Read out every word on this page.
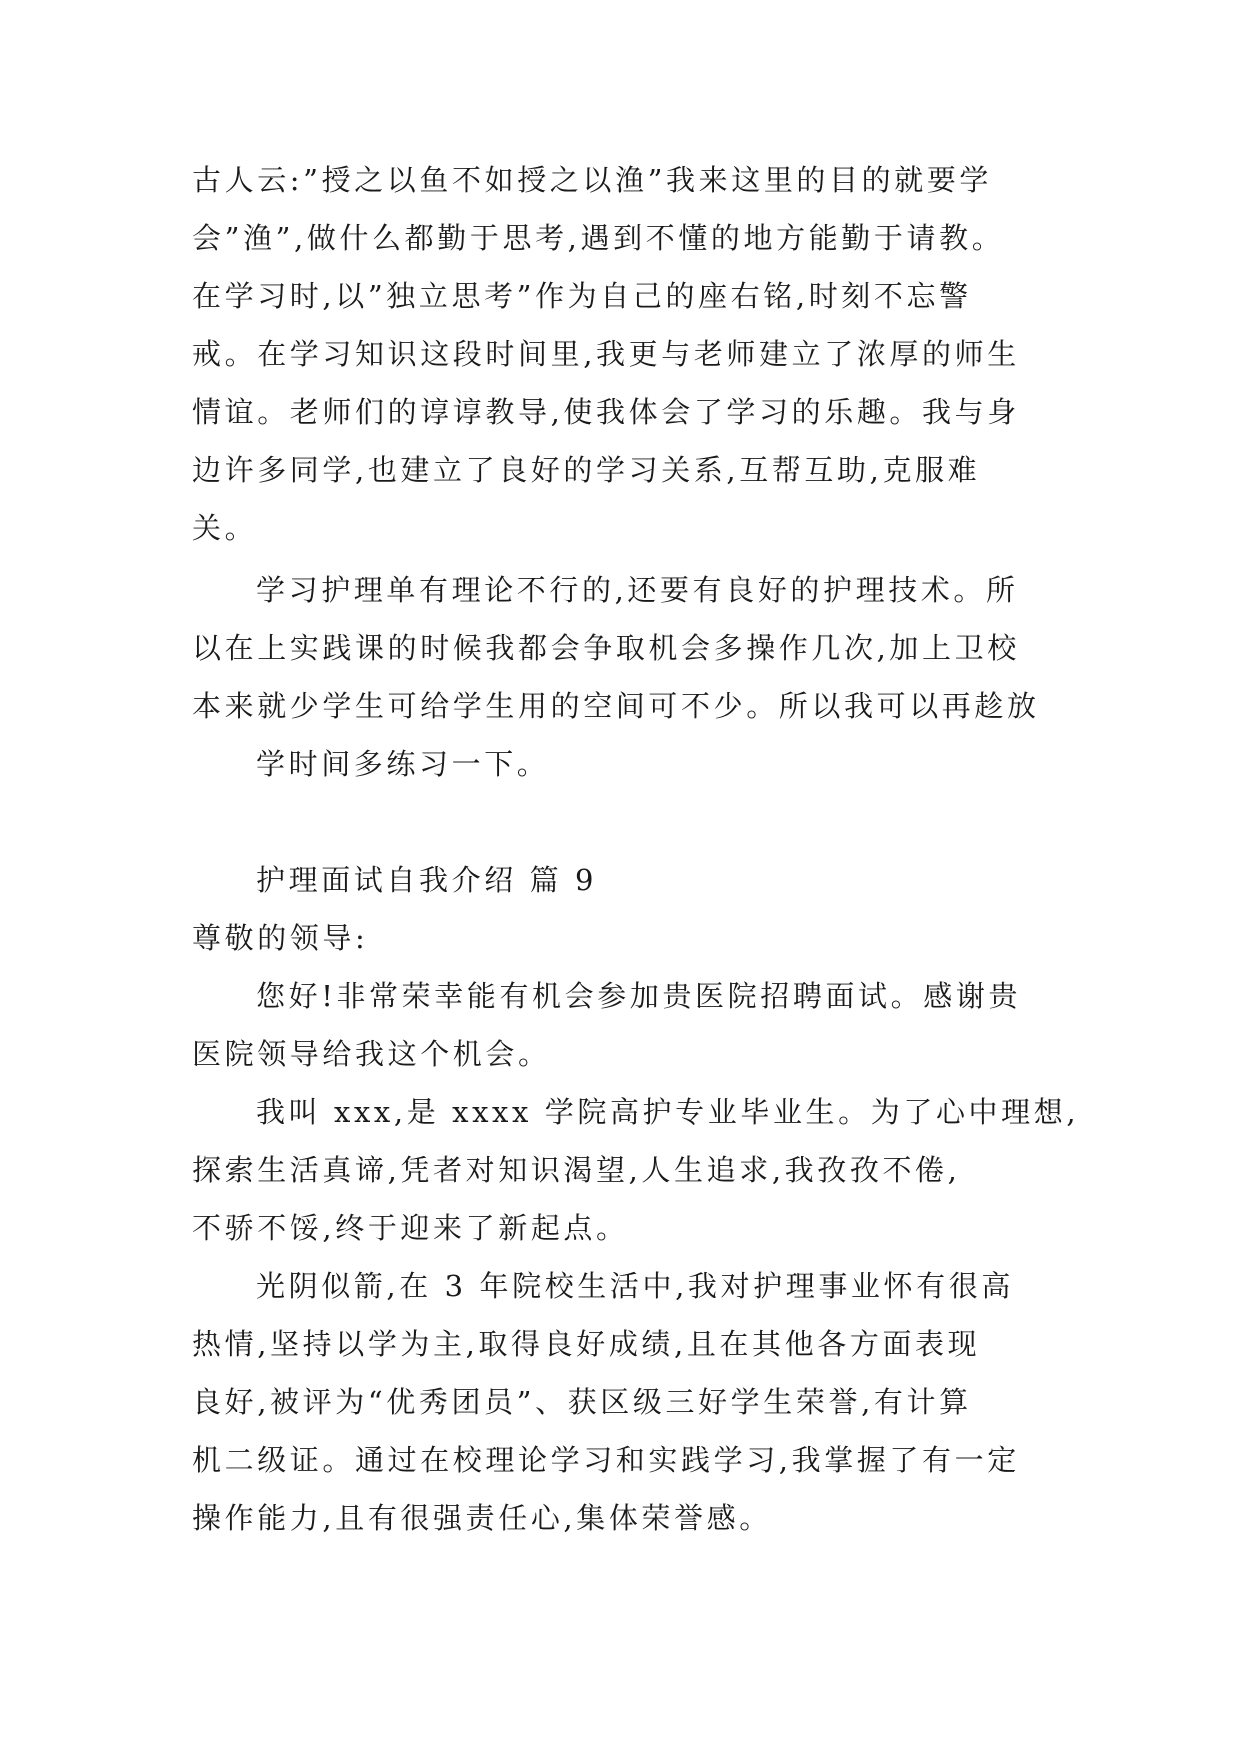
古人云:”授之以鱼不如授之以渔”我来这里的目的就要学
会”渔”,做什么都勤于思考,遇到不懂的地方能勤于请教。
在学习时,以”独立思考”作为自己的座右铭,时刻不忘警
戒。在学习知识这段时间里,我更与老师建立了浓厚的师生
情谊。老师们的谆谆教导,使我体会了学习的乐趣。我与身
边许多同学,也建立了良好的学习关系,互帮互助,克服难
关。
学习护理单有理论不行的,还要有良好的护理技术。所
以在上实践课的时候我都会争取机会多操作几次,加上卫校
本来就少学生可给学生用的空间可不少。所以我可以再趁放
学时间多练习一下。
护理面试自我介绍 篇 9
尊敬的领导:
您好!非常荣幸能有机会参加贵医院招聘面试。感谢贵
医院领导给我这个机会。
我叫 xxx,是 xxxx 学院高护专业毕业生。为了心中理想,
探索生活真谛,凭者对知识渴望,人生追求,我孜孜不倦,
不骄不馁,终于迎来了新起点。
光阴似箭,在 3 年院校生活中,我对护理事业怀有很高
热情,坚持以学为主,取得良好成绩,且在其他各方面表现
良好,被评为“优秀团员”、获区级三好学生荣誉,有计算
机二级证。通过在校理论学习和实践学习,我掌握了有一定
操作能力,且有很强责任心,集体荣誉感。
